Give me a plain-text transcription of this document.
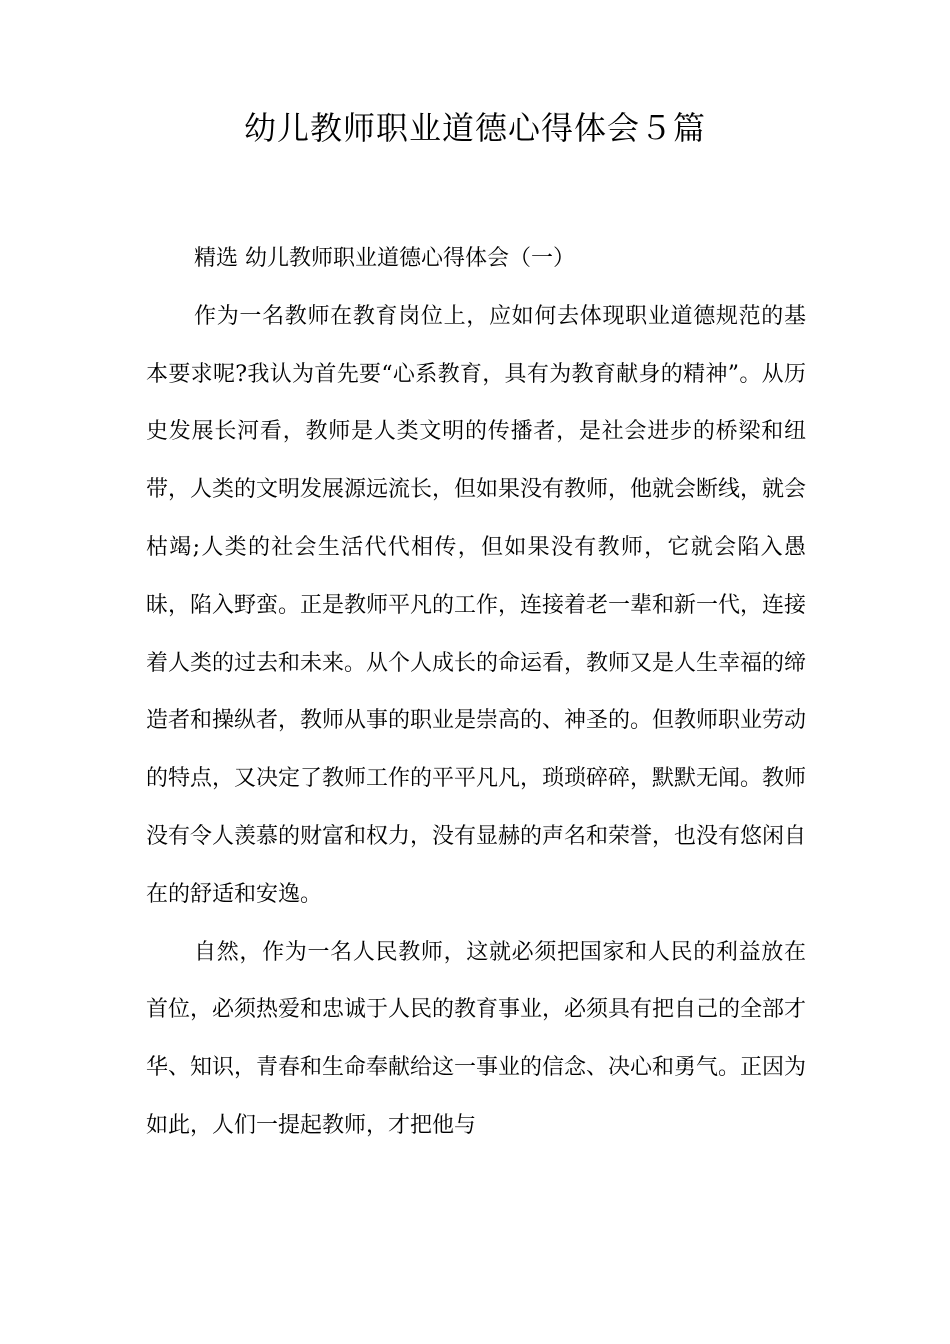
幼儿教师职业道德心得体会５篇

精选 幼儿教师职业道德心得体会（一）

作为一名教师在教育岗位上，应如何去体现职业道德规范的基本要求呢?我认为首先要“心系教育，具有为教育献身的精神”。从历史发展长河看，教师是人类文明的传播者，是社会进步的桥梁和纽带，人类的文明发展源远流长，但如果没有教师，他就会断线，就会枯竭;人类的社会生活代代相传，但如果没有教师，它就会陷入愚昧，陷入野蛮。正是教师平凡的工作，连接着老一辈和新一代，连接着人类的过去和未来。从个人成长的命运看，教师又是人生幸福的缔造者和操纵者，教师从事的职业是崇高的、神圣的。但教师职业劳动的特点，又决定了教师工作的平平凡凡，琐琐碎碎，默默无闻。教师没有令人羡慕的财富和权力，没有显赫的声名和荣誉，也没有悠闲自在的舒适和安逸。

自然，作为一名人民教师，这就必须把国家和人民的利益放在首位，必须热爱和忠诚于人民的教育事业，必须具有把自己的全部才华、知识，青春和生命奉献给这一事业的信念、决心和勇气。正因为如此，人们一提起教师，才把他与
